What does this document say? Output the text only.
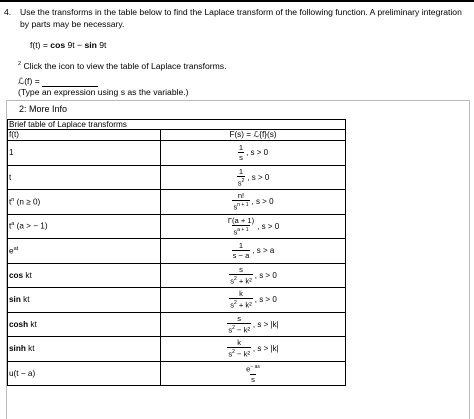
4. Use the transforms in the table below to find the Laplace transform of the following function. A preliminary integration by parts may be necessary.
f(t) = cos 9t − sin 9t
$^2$ Click the icon to view the table of Laplace transforms.
ℒ(f) =
(Type an expression using s as the variable.)
2: More Info
Brief table of Laplace transforms	
f(t)	F(s) = ℒ{f}(s)
1	$\frac{1}{s}$ , s > 0
t	$\frac{1}{s^2}$ , s > 0
$t^n$ (n ≥ 0)	$\frac{n!}{s^{n + 1}}$ , s > 0
$t^a$ (a > − 1)	$\frac{\Gamma(a + 1)}{s^{a + 1}}$ , s > 0
$e^{at}$	$\frac{1}{s - a}$ , s > a
cos kt	$\frac{s}{s^2 + k^2}$ , s > 0
sin kt	$\frac{k}{s^2 + k^2}$ , s > 0
cosh kt	$\frac{s}{s^2 - k^2}$ , s > |k|
sinh kt	$\frac{k}{s^2 - k^2}$ , s > |k|
u(t − a)	$\frac{e^{- as}}{s}$
